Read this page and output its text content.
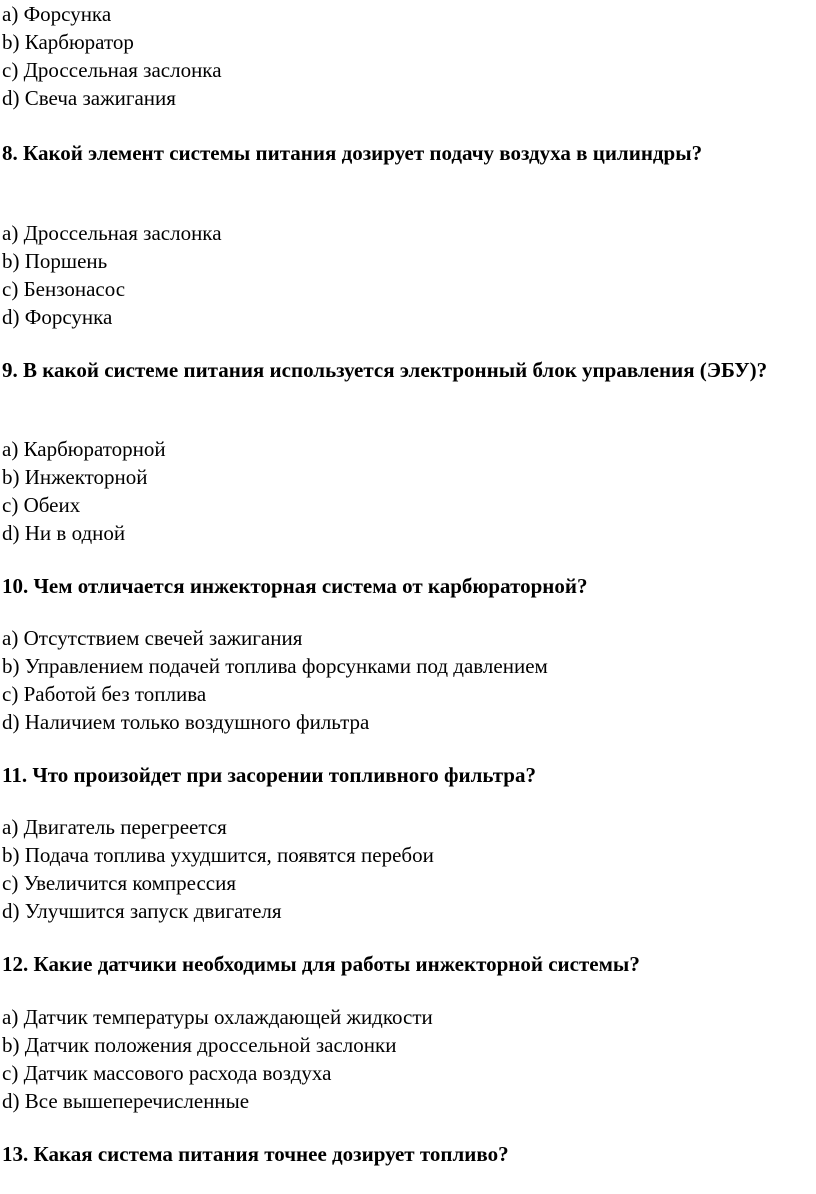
a) Форсунка
b) Карбюратор
c) Дроссельная заслонка
d) Свеча зажигания
8. Какой элемент системы питания дозирует подачу воздуха в цилиндры?
a) Дроссельная заслонка
b) Поршень
c) Бензонасос
d) Форсунка
9. В какой системе питания используется электронный блок управления (ЭБУ)?
a) Карбюраторной
b) Инжекторной
c) Обеих
d) Ни в одной
10. Чем отличается инжекторная система от карбюраторной?
a) Отсутствием свечей зажигания
b) Управлением подачей топлива форсунками под давлением
c) Работой без топлива
d) Наличием только воздушного фильтра
11. Что произойдет при засорении топливного фильтра?
a) Двигатель перегреется
b) Подача топлива ухудшится, появятся перебои
c) Увеличится компрессия
d) Улучшится запуск двигателя
12. Какие датчики необходимы для работы инжекторной системы?
a) Датчик температуры охлаждающей жидкости
b) Датчик положения дроссельной заслонки
c) Датчик массового расхода воздуха
d) Все вышеперечисленные
13. Какая система питания точнее дозирует топливо?
